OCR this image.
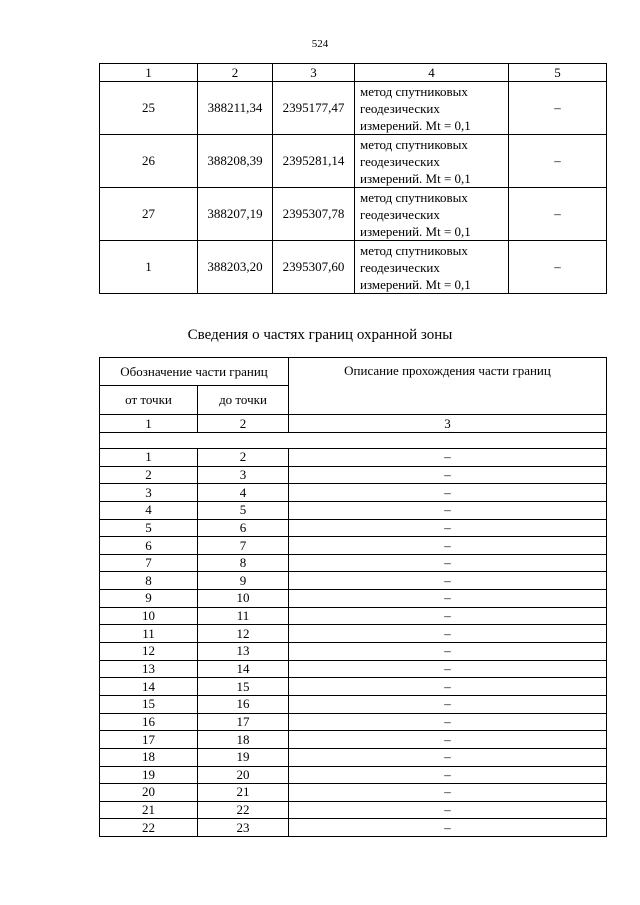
524
1	2	3	4	5
25	388211,34	2395177,47	метод спутниковых
геодезических
измерений. Mt = 0,1	–
26	388208,39	2395281,14	метод спутниковых
геодезических
измерений. Mt = 0,1	–
27	388207,19	2395307,78	метод спутниковых
геодезических
измерений. Mt = 0,1	–
1	388203,20	2395307,60	метод спутниковых
геодезических
измерений. Mt = 0,1	–
Сведения о частях границ охранной зоны
Обозначение части границ		Описание прохождения части границ
от точки	до точки	
1	2	3

1	2	–
2	3	–
3	4	–
4	5	–
5	6	–
6	7	–
7	8	–
8	9	–
9	10	–
10	11	–
11	12	–
12	13	–
13	14	–
14	15	–
15	16	–
16	17	–
17	18	–
18	19	–
19	20	–
20	21	–
21	22	–
22	23	–
